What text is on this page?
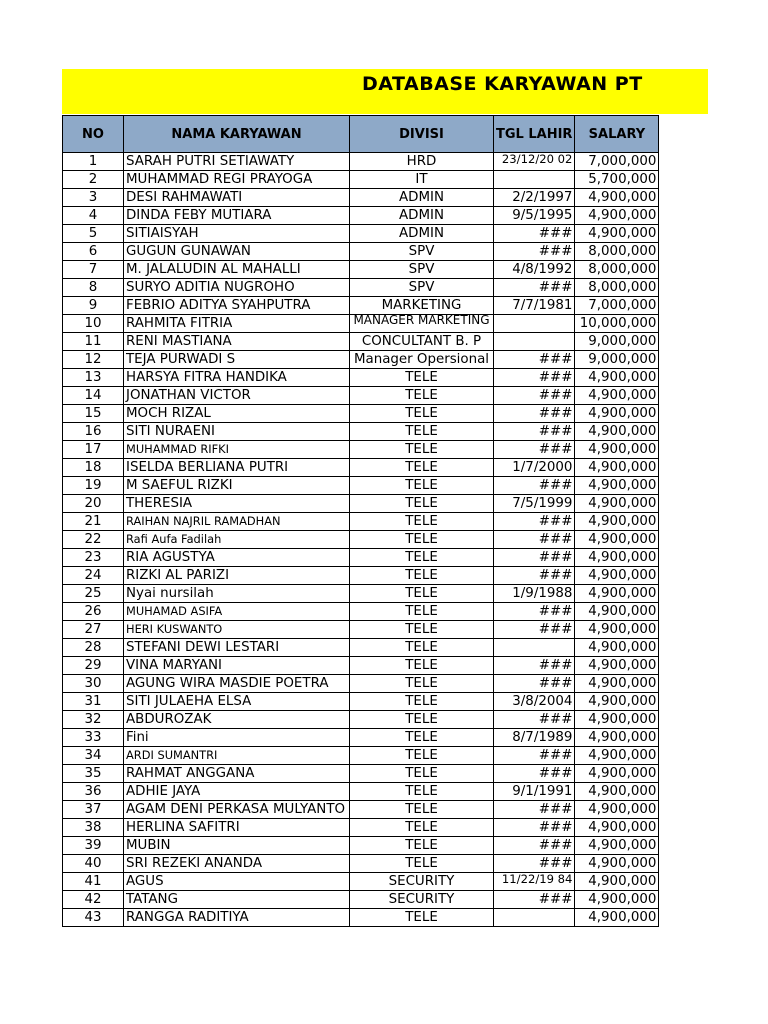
DATABASE KARYAWAN PT
NO	NAMA KARYAWAN	DIVISI	TGL LAHIR	SALARY
1	SARAH PUTRI SETIAWATY	HRD	23/12/20 02	7,000,000
2	MUHAMMAD REGI PRAYOGA	IT		5,700,000
3	DESI RAHMAWATI	ADMIN	2/2/1997	4,900,000
4	DINDA FEBY MUTIARA	ADMIN	9/5/1995	4,900,000
5	SITIAISYAH	ADMIN	###	4,900,000
6	GUGUN GUNAWAN	SPV	###	8,000,000
7	M. JALALUDIN AL MAHALLI	SPV	4/8/1992	8,000,000
8	SURYO ADITIA NUGROHO	SPV	###	8,000,000
9	FEBRIO ADITYA SYAHPUTRA	MARKETING	7/7/1981	7,000,000
10	RAHMITA FITRIA	MANAGER MARKETING		10,000,000
11	RENI MASTIANA	CONCULTANT B. P		9,000,000
12	TEJA PURWADI S	Manager Opersional	###	9,000,000
13	HARSYA FITRA HANDIKA	TELE	###	4,900,000
14	JONATHAN VICTOR	TELE	###	4,900,000
15	MOCH RIZAL	TELE	###	4,900,000
16	SITI NURAENI	TELE	###	4,900,000
17	MUHAMMAD RIFKI	TELE	###	4,900,000
18	ISELDA BERLIANA PUTRI	TELE	1/7/2000	4,900,000
19	M SAEFUL RIZKI	TELE	###	4,900,000
20	THERESIA	TELE	7/5/1999	4,900,000
21	RAIHAN NAJRIL RAMADHAN	TELE	###	4,900,000
22	Rafi Aufa Fadilah	TELE	###	4,900,000
23	RIA AGUSTYA	TELE	###	4,900,000
24	RIZKI AL PARIZI	TELE	###	4,900,000
25	Nyai nursilah	TELE	1/9/1988	4,900,000
26	MUHAMAD ASIFA	TELE	###	4,900,000
27	HERI KUSWANTO	TELE	###	4,900,000
28	STEFANI DEWI LESTARI	TELE		4,900,000
29	VINA MARYANI	TELE	###	4,900,000
30	AGUNG WIRA MASDIE POETRA	TELE	###	4,900,000
31	SITI JULAEHA ELSA	TELE	3/8/2004	4,900,000
32	ABDUROZAK	TELE	###	4,900,000
33	Fini	TELE	8/7/1989	4,900,000
34	ARDI SUMANTRI	TELE	###	4,900,000
35	RAHMAT ANGGANA	TELE	###	4,900,000
36	ADHIE JAYA	TELE	9/1/1991	4,900,000
37	AGAM DENI PERKASA MULYANTO	TELE	###	4,900,000
38	HERLINA SAFITRI	TELE	###	4,900,000
39	MUBIN	TELE	###	4,900,000
40	SRI REZEKI ANANDA	TELE	###	4,900,000
41	AGUS	SECURITY	11/22/19 84	4,900,000
42	TATANG	SECURITY	###	4,900,000
43	RANGGA RADITIYA	TELE		4,900,000
